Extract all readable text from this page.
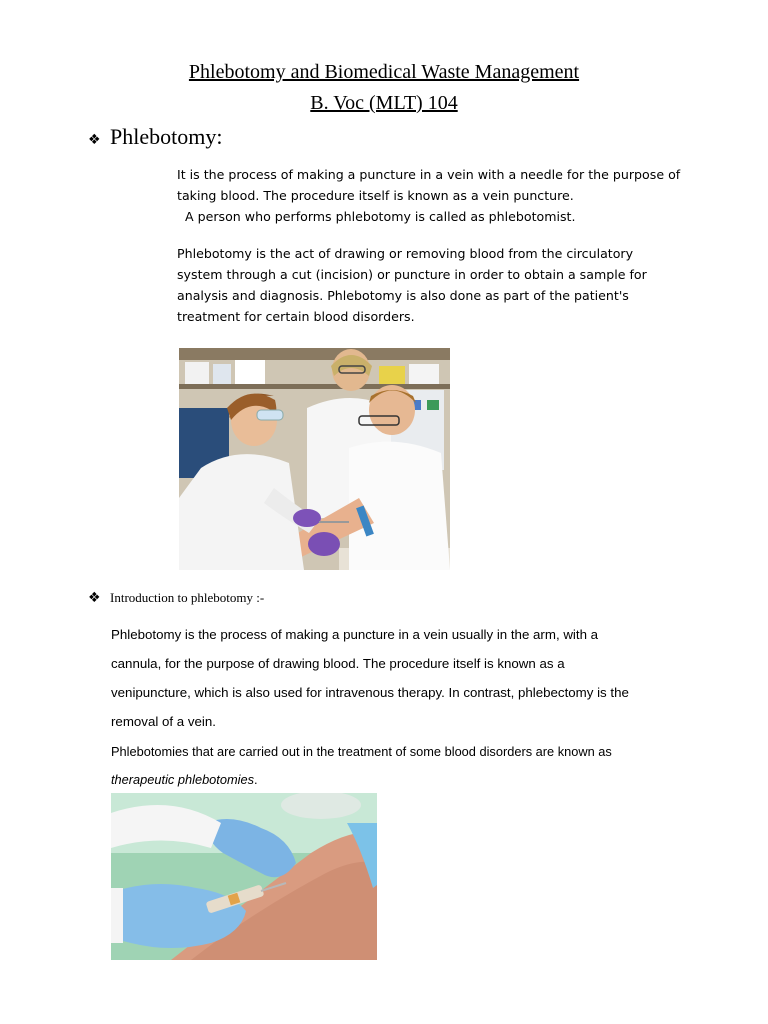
Phlebotomy and Biomedical Waste Management
B. Voc (MLT) 104
❖ Phlebotomy:
It is the process of making a puncture in a vein with a needle for the purpose of
taking blood. The procedure itself is known as a vein puncture.
A person who performs phlebotomy is called as phlebotomist.
Phlebotomy is the act of drawing or removing blood from the circulatory
system through a cut (incision) or puncture in order to obtain a sample for
analysis and diagnosis. Phlebotomy is also done as part of the patient's
treatment for certain blood disorders.
❖ Introduction to phlebotomy :-
Phlebotomy is the process of making a puncture in a vein usually in the arm, with a
cannula, for the purpose of drawing blood. The procedure itself is known as a
venipuncture, which is also used for intravenous therapy. In contrast, phlebectomy is the
removal of a vein.
Phlebotomies that are carried out in the treatment of some blood disorders are known as
therapeutic phlebotomies.
